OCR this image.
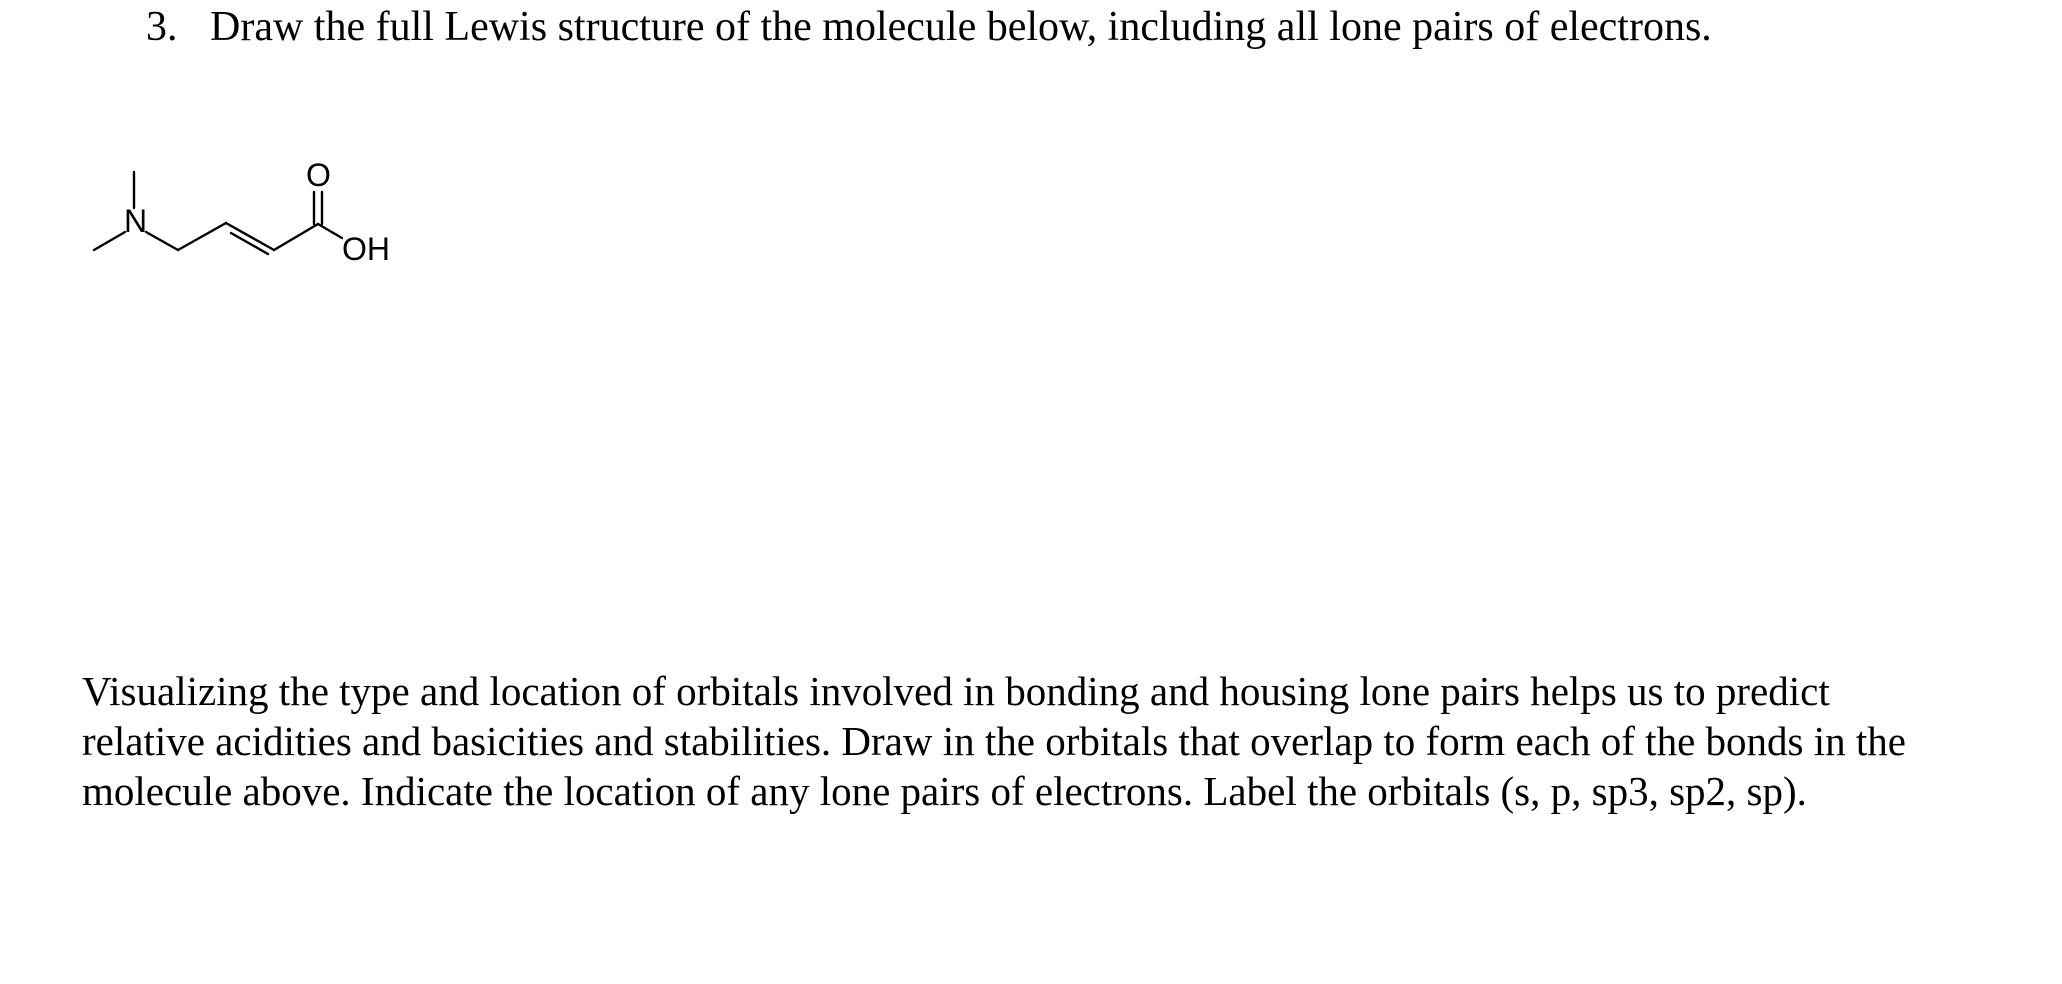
3. Draw the full Lewis structure of the molecule below, including all lone pairs of electrons.
N
O
OH
Visualizing the type and location of orbitals involved in bonding and housing lone pairs helps us to predict
relative acidities and basicities and stabilities. Draw in the orbitals that overlap to form each of the bonds in the
molecule above. Indicate the location of any lone pairs of electrons. Label the orbitals (s, p, sp3, sp2, sp).
